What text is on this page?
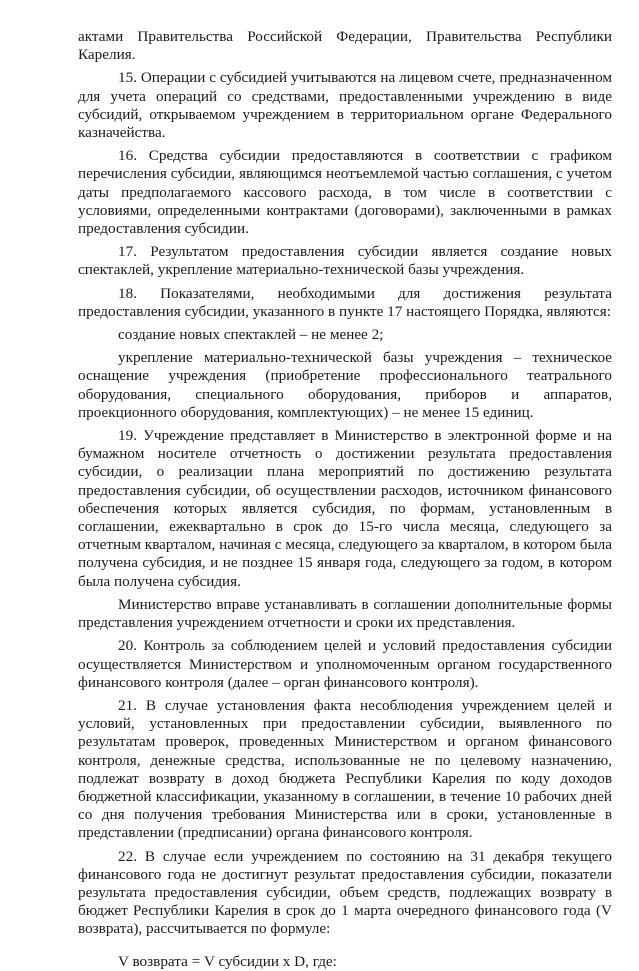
актами Правительства Российской Федерации, Правительства Республики Карелия.

15. Операции с субсидией учитываются на лицевом счете, предназначенном для учета операций со средствами, предоставленными учреждению в виде субсидий, открываемом учреждением в территориальном органе Федерального казначейства.

16. Средства субсидии предоставляются в соответствии с графиком перечисления субсидии, являющимся неотъемлемой частью соглашения, с учетом даты предполагаемого кассового расхода, в том числе в соответствии с условиями, определенными контрактами (договорами), заключенными в рамках предоставления субсидии.

17. Результатом предоставления субсидии является создание новых спектаклей, укрепление материально-технической базы учреждения.

18. Показателями, необходимыми для достижения результата предоставления субсидии, указанного в пункте 17 настоящего Порядка, являются:

создание новых спектаклей – не менее 2;

укрепление материально-технической базы учреждения – техническое оснащение учреждения (приобретение профессионального театрального оборудования, специального оборудования, приборов и аппаратов, проекционного оборудования, комплектующих) – не менее 15 единиц.

19. Учреждение представляет в Министерство в электронной форме и на бумажном носителе отчетность о достижении результата предоставления субсидии, о реализации плана мероприятий по достижению результата предоставления субсидии, об осуществлении расходов, источником финансового обеспечения которых является субсидия, по формам, установленным в соглашении, ежеквартально в срок до 15-го числа месяца, следующего за отчетным кварталом, начиная с месяца, следующего за кварталом, в котором была получена субсидия, и не позднее 15 января года, следующего за годом, в котором была получена субсидия.

Министерство вправе устанавливать в соглашении дополнительные формы представления учреждением отчетности и сроки их представления.

20. Контроль за соблюдением целей и условий предоставления субсидии осуществляется Министерством и уполномоченным органом государственного финансового контроля (далее – орган финансового контроля).

21. В случае установления факта несоблюдения учреждением целей и условий, установленных при предоставлении субсидии, выявленного по результатам проверок, проведенных Министерством и органом финансового контроля, денежные средства, использованные не по целевому назначению, подлежат возврату в доход бюджета Республики Карелия по коду доходов бюджетной классификации, указанному в соглашении, в течение 10 рабочих дней со дня получения требования Министерства или в сроки, установленные в представлении (предписании) органа финансового контроля.

22. В случае если учреждением по состоянию на 31 декабря текущего финансового года не достигнут результат предоставления субсидии, показатели результата предоставления субсидии, объем средств, подлежащих возврату в бюджет Республики Карелия в срок до 1 марта очередного финансового года (V возврата), рассчитывается по формуле:

V возврата = V субсидии x D, где:
